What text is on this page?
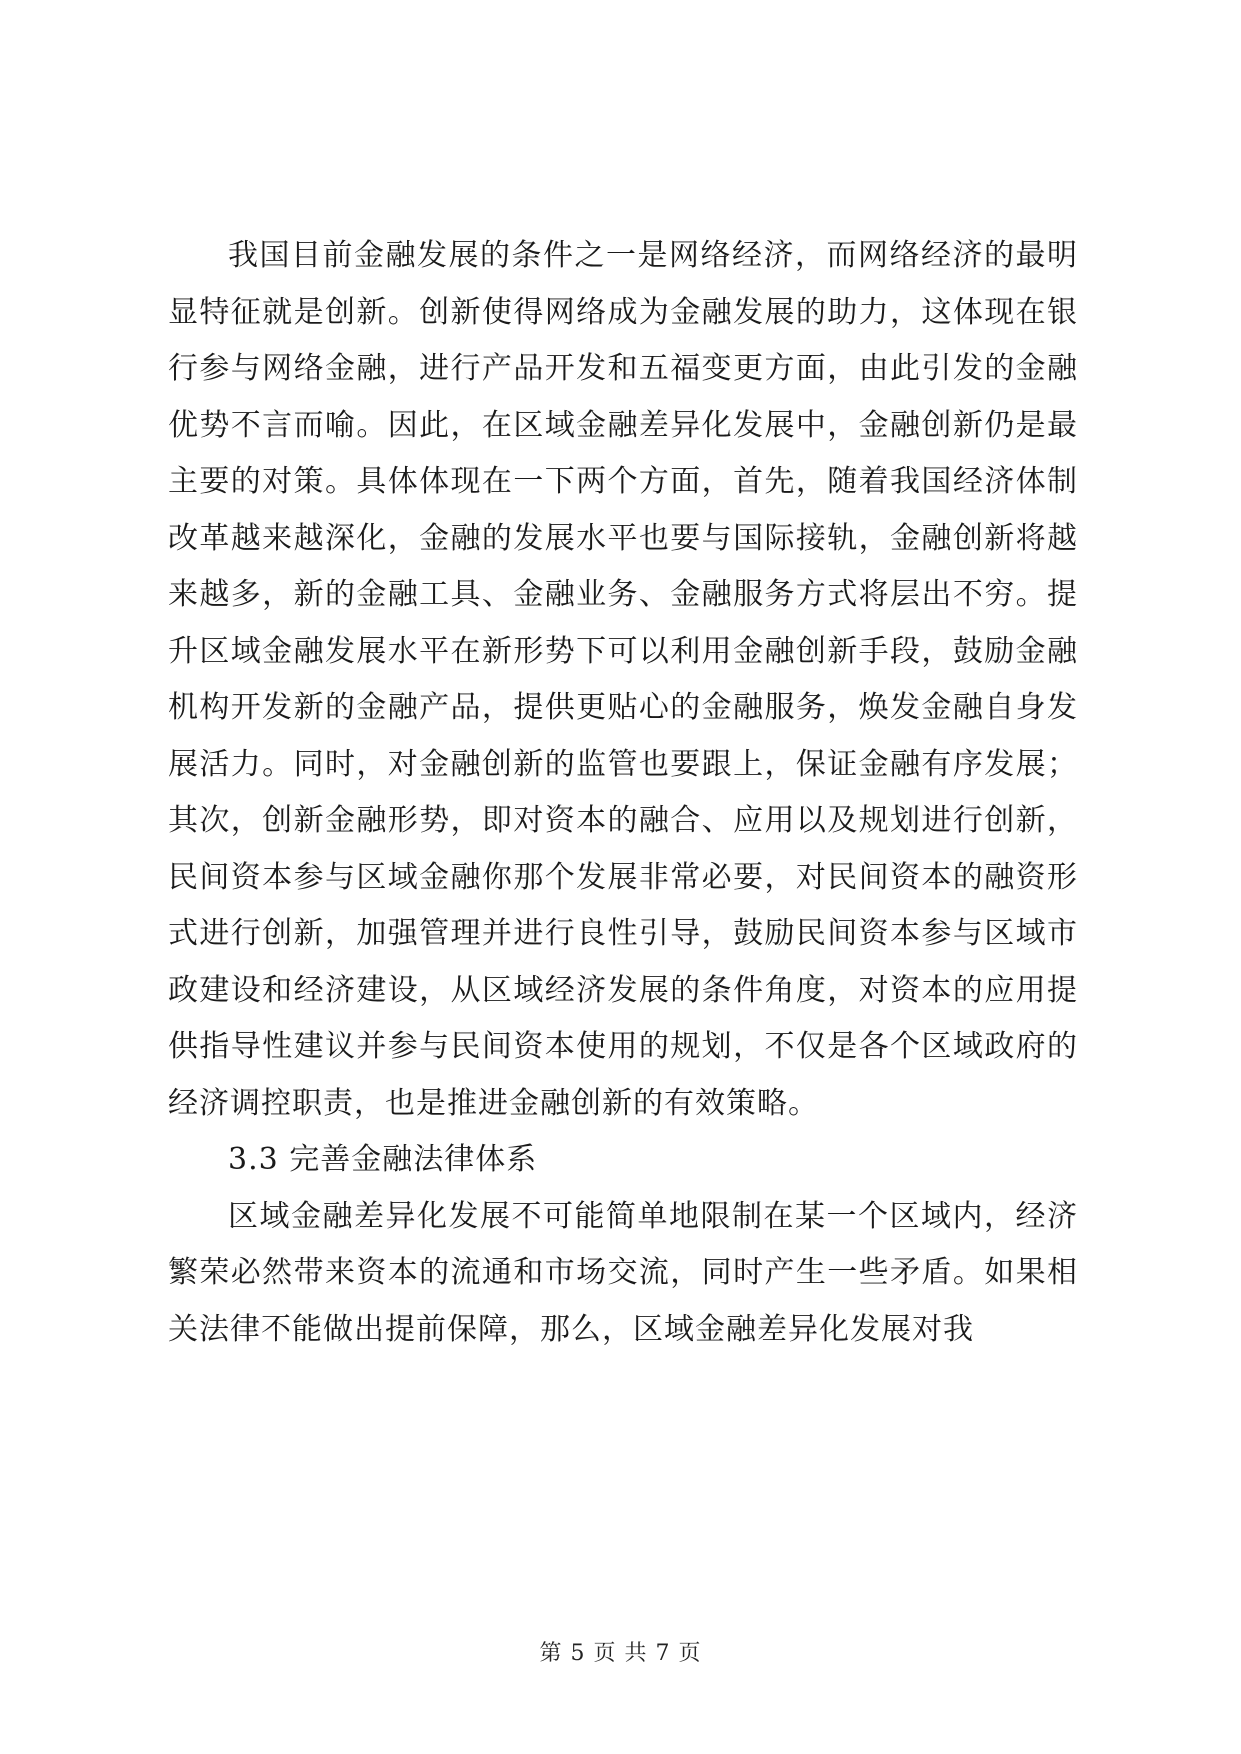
我国目前金融发展的条件之一是网络经济，而网络经济的最明显特征就是创新。创新使得网络成为金融发展的助力，这体现在银行参与网络金融，进行产品开发和五福变更方面，由此引发的金融优势不言而喻。因此，在区域金融差异化发展中，金融创新仍是最主要的对策。具体体现在一下两个方面，首先，随着我国经济体制改革越来越深化，金融的发展水平也要与国际接轨，金融创新将越来越多，新的金融工具、金融业务、金融服务方式将层出不穷。提升区域金融发展水平在新形势下可以利用金融创新手段，鼓励金融机构开发新的金融产品，提供更贴心的金融服务，焕发金融自身发展活力。同时，对金融创新的监管也要跟上，保证金融有序发展；其次，创新金融形势，即对资本的融合、应用以及规划进行创新，民间资本参与区域金融你那个发展非常必要，对民间资本的融资形式进行创新，加强管理并进行良性引导，鼓励民间资本参与区域市政建设和经济建设，从区域经济发展的条件角度，对资本的应用提供指导性建议并参与民间资本使用的规划，不仅是各个区域政府的经济调控职责，也是推进金融创新的有效策略。

3.3 完善金融法律体系

区域金融差异化发展不可能简单地限制在某一个区域内，经济繁荣必然带来资本的流通和市场交流，同时产生一些矛盾。如果相关法律不能做出提前保障，那么，区域金融差异化发展对我

第 5 页 共 7 页
